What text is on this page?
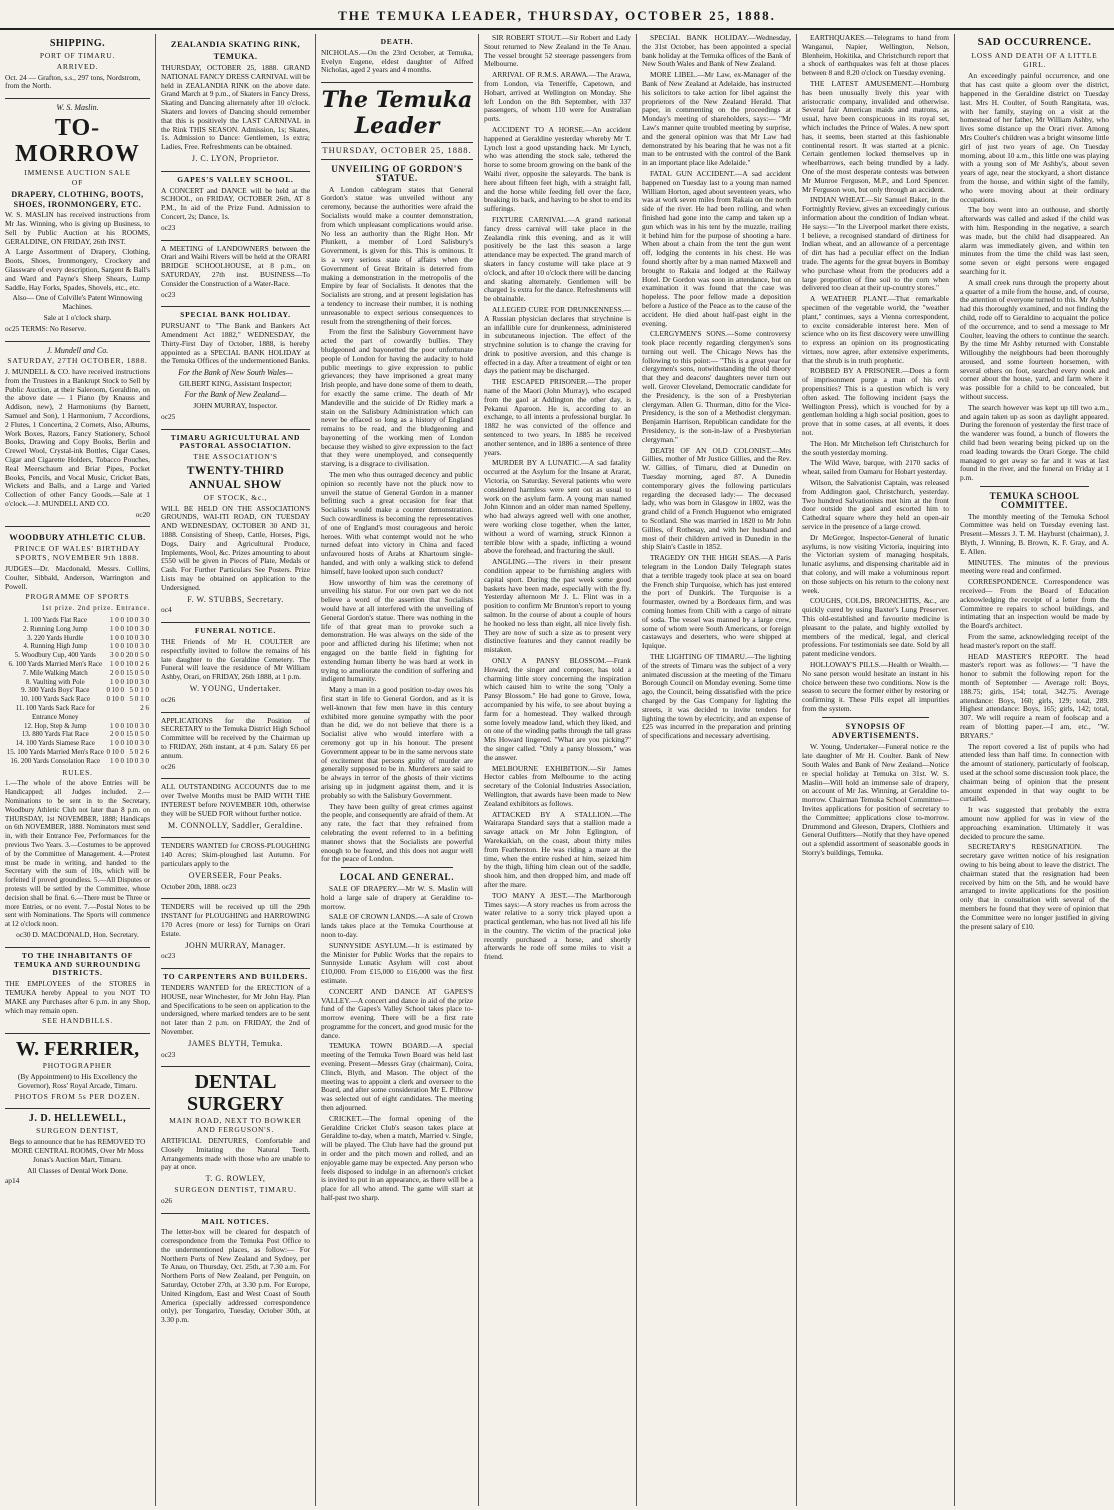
THE TEMUKA LEADER, THURSDAY, OCTOBER 25, 1888.

SHIPPING.

PORT OF TIMARU.

ARRIVED.

Oct. 24 — Grafton, s.s., 297 tons, Nordstrom, from the North.

W. S. Maslin.

TO-MORROW

IMMENSE AUCTION SALE

OF

DRAPERY, CLOTHING, BOOTS, SHOES, IRONMONGERY, ETC.

W. S. MASLIN has received instructions from Mr Jas. Winning, who is giving up Business, to Sell by Public Auction at his ROOMS, GERALDINE, ON FRIDAY, 26th INST.

A Large Assortment of Drapery, Clothing, Boots, Shoes, Ironmongery, Crockery and Glassware of every description, Sargent & Ball's and Ward and Payne's Sheep Shears, Lump Saddle, Hay Forks, Spades, Shovels, etc., etc.

Also— One of Colville's Patent Winnowing Machines.

Sale at 1 o'clock sharp.

oc25 TERMS: No Reserve.

J. Mundell and Co.

SATURDAY, 27TH OCTOBER, 1888.

J. MUNDELL & CO. have received instructions from the Trustees in a Bankrupt Stock to Sell by Public Auction, at their Saleroom, Geraldine, on the above date — 1 Piano (by Knauss and Addison, new), 2 Harmoniums (by Barnett, Samuel and Son), 1 Harmonium, 7 Accordions, 2 Flutes, 1 Concertina, 2 Cornets, Also, Albums, Work Boxes, Razors, Fancy Stationery, School Books, Drawing and Copy Books, Berlin and Crewel Wool, Crystal-ink Bottles, Cigar Cases, Cigar and Cigarette Holders, Tobacco Pouches, Real Meerschaum and Briar Pipes, Pocket Books, Pencils, and Vocal Music, Cricket Bats, Wickets and Balls, and a Large and Varied Collection of other Fancy Goods.—Sale at 1 o'clock.—J. MUNDELL AND CO.

oc20

WOODBURY ATHLETIC CLUB.

PRINCE OF WALES' BIRTHDAY SPORTS, NOVEMBER 9th 1888.

JUDGES—Dr. Macdonald, Messrs. Collins, Coulter, Sibbald, Anderson, Warrington and Powell.

PROGRAMME OF SPORTS

1st prize. 2nd prize. Entrance.

1. 100 Yards Flat Race	1 0 0	10 0	3 0
2. Running Long Jump	1 0 0	10 0	3 0
3. 220 Yards Hurdle	1 0 0	10 0	3 0
4. Running High Jump	1 0 0	10 0	3 0
5. Woodbury Cup, 400 Yards	3 0 0	20 0	5 0
6. 100 Yards Married Men's Race	1 0 0	10 0	2 6
7. Mile Walking Match	2 0 0	15 0	5 0
8. Vaulting with Pole	1 0 0	10 0	3 0
9. 300 Yards Boys' Race	0 10 0	5 0	1 0
10. 100 Yards Sack Race	0 10 0	5 0	1 0
11. 100 Yards Sack Race for Entrance Money			2 6
12. Hop, Step & Jump	1 0 0	10 0	3 0
13. 880 Yards Flat Race	2 0 0	15 0	5 0
14. 100 Yards Siamese Race	1 0 0	10 0	3 0
15. 100 Yards Married Men's Race	0 10 0	5 0	2 6
16. 200 Yards Consolation Race	1 0 0	10 0	3 0

RULES.

1.—The whole of the above Entries will be Handicapped; all Judges included. 2.—Nominations to be sent in to the Secretary, Woodbury Athletic Club not later than 8 p.m. on THURSDAY, 1st NOVEMBER, 1888; Handicaps on 6th NOVEMBER, 1888. Nominators must send in, with their Entrance Fee, Performances for the previous Two Years. 3.—Costumes to be approved of by the Committee of Management. 4.—Protest must be made in writing, and handed to the Secretary with the sum of 10s, which will be forfeited if proved groundless. 5.—All Disputes or protests will be settled by the Committee, whose decision shall be final. 6.—There must be Three or more Entries, or no event. 7.—Postal Notes to be sent with Nominations. The Sports will commence at 12 o'clock noon.

oc30 D. MACDONALD, Hon. Secretary.

TO THE INHABITANTS OF TEMUKA AND SURROUNDING DISTRICTS.

THE EMPLOYEES of the STORES in TEMUKA hereby Appeal to you NOT TO MAKE any Purchases after 6 p.m. in any Shop, which may remain open.

SEE HANDBILLS.

W. FERRIER,

PHOTOGRAPHER

(By Appointment) to His Excellency the Governor), Ross' Royal Arcade, Timaru.

PHOTOS FROM 5s PER DOZEN.

J. D. HELLEWELL,

SURGEON DENTIST,

Begs to announce that he has REMOVED TO MORE CENTRAL ROOMS, Over Mr Moss Jonas's Auction Mart, Timaru.

All Classes of Dental Work Done.

ap14

ZEALANDIA SKATING RINK, TEMUKA.

THURSDAY, OCTOBER 25, 1888. GRAND NATIONAL FANCY DRESS CARNIVAL will be held in ZEALANDIA RINK on the above date. Grand March at 9 p.m., of Skaters in Fancy Dress, Skating and Dancing alternately after 10 o'clock. Skaters and lovers of Dancing should remember that this is positively the LAST CARNIVAL in the Rink THIS SEASON. Admission, 1s; Skates, 1s. Admission to Dance: Gentlemen, 1s extra; Ladies, Free. Refreshments can be obtained.

J. C. LYON, Proprietor.

GAPES'S VALLEY SCHOOL.

A CONCERT and DANCE will be held at the SCHOOL, on FRIDAY, OCTOBER 26th, AT 8 P.M., In aid of the Prize Fund. Admission to Concert, 2s; Dance, 1s.

oc23

A MEETING of LANDOWNERS between the Orari and Waihi Rivers will be held at the ORARI BRIDGE SCHOOLHOUSE, at 8 p.m., on SATURDAY, 27th inst. BUSINESS—To Consider the Construction of a Water-Race.

oc23

SPECIAL BANK HOLIDAY.

PURSUANT to "The Bank and Bankers Act Amendment Act 1882," WEDNESDAY, the Thirty-First Day of October, 1888, is hereby appointed as a SPECIAL BANK HOLIDAY at the Temuka Offices of the undermentioned Banks.

For the Bank of New South Wales—

GILBERT KING, Assistant Inspector;

For the Bank of New Zealand—

JOHN MURRAY, Inspector.

oc25

TIMARU AGRICULTURAL AND PASTORAL ASSOCIATION.

THE ASSOCIATION'S

TWENTY-THIRD ANNUAL SHOW

OF STOCK, &c.,

WILL BE HELD ON THE ASSOCIATION'S GROUNDS, WAI-ITI ROAD, ON TUESDAY AND WEDNESDAY, OCTOBER 30 AND 31, 1888. Consisting of Sheep, Cattle, Horses, Pigs, Dogs, Dairy and Agricultural Produce, Implements, Wool, &c. Prizes amounting to about £550 will be given in Pieces of Plate, Medals or Cash. For Further Particulars See Posters. Prize Lists may be obtained on application to the Undersigned.

F. W. STUBBS, Secretary.

oc4

FUNERAL NOTICE.

THE Friends of Mr H. COULTER are respectfully invited to follow the remains of his late daughter to the Geraldine Cemetery. The Funeral will leave the residence of Mr William Ashby, Orari, on FRIDAY, 26th 1888, at 1 p.m.

W. YOUNG, Undertaker.

oc26

APPLICATIONS for the Position of SECRETARY to the Temuka District High School Committee will be received by the Chairman up to FRIDAY, 26th instant, at 4 p.m. Salary £6 per annum.

oc26

ALL OUTSTANDING ACCOUNTS due to me over Twelve Months must be PAID WITH THE INTEREST before NOVEMBER 10th, otherwise they will be SUED FOR without further notice.

M. CONNOLLY, Saddler, Geraldine.

TENDERS WANTED for CROSS-PLOUGHING 140 Acres; Skim-ploughed last Autumn. For particulars apply to the

OVERSEER, Four Peaks.

October 20th, 1888. oc23

TENDERS will be received up till the 29th INSTANT for PLOUGHING and HARROWING 170 Acres (more or less) for Turnips on Orari Estate.

JOHN MURRAY, Manager.

oc23

TO CARPENTERS AND BUILDERS.

TENDERS WANTED for the ERECTION of a HOUSE, near Winchester, for Mr John Hay. Plan and Specifications to be seen on application to the undersigned, where marked tenders are to be sent not later than 2 p.m. on FRIDAY, the 2nd of November.

JAMES BLYTH, Temuka.

oc23

DENTAL SURGERY

MAIN ROAD, NEXT TO BOWKER AND FERGUSON'S.

ARTIFICIAL DENTURES, Comfortable and Closely Imitating the Natural Teeth. Arrangements made with those who are unable to pay at once.

T. G. ROWLEY,

SURGEON DENTIST, TIMARU.

o26

MAIL NOTICES.

The letter-box will be cleared for despatch of correspondence from the Temuka Post Office to the undermentioned places, as follow:— For Northern Ports of New Zealand and Sydney, per Te Anau, on Thursday, Oct. 25th, at 7.30 a.m. For Northern Ports of New Zealand, per Penguin, on Saturday, October 27th, at 3.30 p.m. For Europe, United Kingdom, East and West Coast of South America (specially addressed correspondence only), per Tongariro, Tuesday, October 30th, at 3.30 p.m.

DEATH.

NICHOLAS.—On the 23rd October, at Temuka, Evelyn Eugene, eldest daughter of Alfred Nicholas, aged 2 years and 4 months.

The Temuka Leader
THURSDAY, OCTOBER 25, 1888.
UNVEILING OF GORDON'S STATUE.

A London cablegram states that General Gordon's statue was unveiled without any ceremony, because the authorities were afraid the Socialists would make a counter demonstration, from which unpleasant complications would arise. No less an authority than the Right Hon. Mr Plunkett, a member of Lord Salisbury's Government, is given for this. This is ominous. It is a very serious state of affairs when the Government of Great Britain is deterred from making a demonstration in the metropolis of the Empire by fear of Socialists. It denotes that the Socialists are strong, and at present legislation has a tendency to increase their number, it is nothing unreasonable to expect serious consequences to result from the strengthening of their forces.

From the first the Salisbury Government have acted the part of cowardly bullies. They bludgeoned and bayonetted the poor unfortunate people of London for having the audacity to hold public meetings to give expression to public grievances; they have imprisoned a great many Irish people, and have done some of them to death, for exactly the same crime. The death of Mr Mandeville and the suicide of Dr Ridley mark a stain on the Salisbury Administration which can never be effaced so long as a history of England remains to be read, and the bludgeoning and bayonetting of the working men of London because they wished to give expression to the fact that they were unemployed, and consequently starving, is a disgrace to civilisation.

The men who thus outraged decency and public opinion so recently have not the pluck now to unveil the statue of General Gordon in a manner befitting such a great occasion for fear that Socialists would make a counter demonstration. Such cowardliness is becoming the representatives of one of England's most courageous and heroic heroes. With what contempt would not he who turned defeat into victory in China and faced unfavoured hosts of Arabs at Khartoum single-handed, and with only a walking stick to defend himself, have looked upon such conduct?

How unworthy of him was the ceremony of unveiling his statue. For our own part we do not believe a word of the assertion that Socialists would have at all interfered with the unveiling of General Gordon's statue. There was nothing in the life of that great man to provoke such a demonstration. He was always on the side of the poor and afflicted during his lifetime; when not engaged on the battle field in fighting for extending human liberty he was hard at work in trying to ameliorate the condition of suffering and indigent humanity.

Many a man in a good position to-day owes his first start in life to General Gordon, and as it is well-known that few men have in this century exhibited more genuine sympathy with the poor than he did, we do not believe that there is a Socialist alive who would interfere with a ceremony got up in his honour. The present Government appear to be in the same nervous state of excitement that persons guilty of murder are generally supposed to be in. Murderers are said to be always in terror of the ghosts of their victims arising up in judgment against them, and it is probably so with the Salisbury Government.

They have been guilty of great crimes against the people, and consequently are afraid of them. At any rate, the fact that they refrained from celebrating the event referred to in a befitting manner shows that the Socialists are powerful enough to be feared, and this does not augur well for the peace of London.

LOCAL AND GENERAL.

SALE OF DRAPERY.—Mr W. S. Maslin will hold a large sale of drapery at Geraldine to-morrow.

SALE OF CROWN LANDS.—A sale of Crown lands takes place at the Temuka Courthouse at noon to-day.

SUNNYSIDE ASYLUM.—It is estimated by the Minister for Public Works that the repairs to Sunnyside Lunatic Asylum will cost about £10,000. From £15,000 to £16,000 was the first estimate.

CONCERT AND DANCE AT GAPES'S VALLEY.—A concert and dance in aid of the prize fund of the Gapes's Valley School takes place to-morrow evening. There will be a first rate programme for the concert, and good music for the dance.

TEMUKA TOWN BOARD.—A special meeting of the Temuka Town Board was held last evening. Present—Messrs Gray (chairman), Coira, Clinch, Blyth, and Mason. The object of the meeting was to appoint a clerk and overseer to the Board, and after some consideration Mr E. Pilbrow was selected out of eight candidates. The meeting then adjourned.

CRICKET.—The formal opening of the Geraldine Cricket Club's season takes place at Geraldine to-day, when a match, Married v. Single, will be played. The Club have had the ground put in order and the pitch mown and rolled, and an enjoyable game may be expected. Any person who feels disposed to indulge in an afternoon's cricket is invited to put in an appearance, as there will be a place for all who attend. The game will start at half-past two sharp.

SIR ROBERT STOUT.—Sir Robert and Lady Stout returned to New Zealand in the Te Anau. The vessel brought 52 steerage passengers from Melbourne.

ARRIVAL OF R.M.S. ARAWA.—The Arawa, from London, via Teneriffe, Capetown, and Hobart, arrived at Wellington on Monday. She left London on the 8th September, with 337 passengers, of whom 110 were for Australian ports.

ACCIDENT TO A HORSE.—An accident happened at Geraldine yesterday whereby Mr T. Lynch lost a good upstanding hack. Mr Lynch, who was attending the stock sale, tethered the horse to some broom growing on the bank of the Waihi river, opposite the saleyards. The bank is here about fifteen feet high, with a straight fall, and the horse while feeding fell over the face, breaking its back, and having to be shot to end its sufferings.

FIXTURE CARNIVAL.—A grand national fancy dress carnival will take place in the Zealandia rink this evening, and as it will positively be the last this season a large attendance may be expected. The grand march of skaters in fancy costume will take place at 9 o'clock, and after 10 o'clock there will be dancing and skating alternately. Gentlemen will be charged 1s extra for the dance. Refreshments will be obtainable.

ALLEGED CURE FOR DRUNKENNESS.—A Russian physician declares that strychnine is an infallible cure for drunkenness, administered in subcutaneous injection. The effect of the strychnine solution is to change the craving for drink to positive aversion, and this change is effected in a day. After a treatment of eight or ten days the patient may be discharged.

THE ESCAPED PRISONER.—The proper name of the Maori (John Murray), who escaped from the gaol at Addington the other day, is Pekanui Aparoon. He is, according to an exchange, to all intents a professional burglar. In 1882 he was convicted of the offence and sentenced to two years. In 1885 he received another sentence, and in 1886 a sentence of three years.

MURDER BY A LUNATIC.—A sad fatality occurred at the Asylum for the Insane at Ararat, Victoria, on Saturday. Several patients who were considered harmless were sent out as usual to work on the asylum farm. A young man named John Kinnon and an older man named Spelleny, who had always agreed well with one another, were working close together, when the latter, without a word of warning, struck Kinnon a terrible blow with a spade, inflicting a wound above the forehead, and fracturing the skull.

ANGLING.—The rivers in their present condition appear to be furnishing anglers with capital sport. During the past week some good baskets have been made, especially with the fly. Yesterday afternoon Mr J. L. Flint was in a position to confirm Mr Brunton's report to young salmon. In the course of about a couple of hours he hooked no less than eight, all nice lively fish. They are now of such a size as to present very distinctive features and they cannot readily be mistaken.

ONLY A PANSY BLOSSOM.—Frank Howard, the singer and composer, has told a charming little story concerning the inspiration which caused him to write the song "Only a Pansy Blossom." He had gone to Grove, Iowa, accompanied by his wife, to see about buying a farm for a homestead. They walked through some lovely meadow land, which they liked, and on one of the winding paths through the tall grass Mrs Howard lingered. "What are you picking?" the singer called. "Only a pansy blossom," was the answer.

MELBOURNE EXHIBITION.—Sir James Hector cables from Melbourne to the acting secretary of the Colonial Industries Association, Wellington, that awards have been made to New Zealand exhibitors as follows.

ATTACKED BY A STALLION.—The Wairarapa Standard says that a stallion made a savage attack on Mr John Eglington, of Warekaikiah, on the coast, about thirty miles from Featherston. He was riding a mare at the time, when the entire rushed at him, seized him by the thigh, lifting him clean out of the saddle, shook him, and then dropped him, and made off after the mare.

TOO MANY A JEST.—The Marlborough Times says:—A story reaches us from across the water relative to a sorry trick played upon a practical gentleman, who has not lived all his life in the country. The victim of the practical joke recently purchased a horse, and shortly afterwards he rode off some miles to visit a friend.

SPECIAL BANK HOLIDAY.—Wednesday, the 31st October, has been appointed a special bank holiday at the Temuka offices of the Bank of New South Wales and Bank of New Zealand.

MORE LIBEL.—Mr Law, ex-Manager of the Bank of New Zealand at Adelaide, has instructed his solicitors to take action for libel against the proprietors of the New Zealand Herald. That paper, in commenting on the proceedings at Monday's meeting of shareholders, says:— "Mr Law's manner quite troubled meeting by surprise, and the general opinion was that Mr Law had demonstrated by his bearing that he was not a fit man to be entrusted with the control of the Bank in an important place like Adelaide."

FATAL GUN ACCIDENT.—A sad accident happened on Tuesday last to a young man named William Horton, aged about seventeen years, who was at work seven miles from Rakaia on the north side of the river. He had been rolling, and when finished had gone into the camp and taken up a gun which was in his tent by the muzzle, trailing it behind him for the purpose of shooting a hare. When about a chain from the tent the gun went off, lodging the contents in his chest. He was found shortly after by a man named Maxwell and brought to Rakaia and lodged at the Railway Hotel. Dr Gordon was soon in attendance, but on examination it was found that the case was hopeless. The poor fellow made a deposition before a Justice of the Peace as to the cause of the accident. He died about half-past eight in the evening.

CLERGYMEN'S SONS.—Some controversy took place recently regarding clergymen's sons turning out well. The Chicago News has the following to this point:— "This is a great year for clergymen's sons, notwithstanding the old theory that they and deacons' daughters never turn out well. Grover Cleveland, Democratic candidate for the Presidency, is the son of a Presbyterian clergyman. Allen G. Thurman, ditto for the Vice-Presidency, is the son of a Methodist clergyman. Benjamin Harrison, Republican candidate for the Presidency, is the son-in-law of a Presbyterian clergyman."

DEATH OF AN OLD COLONIST.—Mrs Gillies, mother of Mr Justice Gillies, and the Rev. W. Gillies, of Timaru, died at Dunedin on Tuesday morning, aged 87. A Dunedin contemporary gives the following particulars regarding the deceased lady:— The deceased lady, who was born in Glasgow in 1802, was the grand child of a French Huguenot who emigrated to Scotland. She was married in 1820 to Mr John Gillies, of Rothesay, and with her husband and most of their children arrived in Dunedin in the ship Slain's Castle in 1852.

TRAGEDY ON THE HIGH SEAS.—A Paris telegram in the London Daily Telegraph states that a terrible tragedy took place at sea on board the French ship Turquoise, which has just entered the port of Dunkirk. The Turquoise is a fourmaster, owned by a Bordeaux firm, and was coming homes from Chili with a cargo of nitrate of soda. The vessel was manned by a large crew, some of whom were South Americans, or foreign castaways and deserters, who were shipped at Iquique.

THE LIGHTING OF TIMARU.—The lighting of the streets of Timaru was the subject of a very animated discussion at the meeting of the Timaru Borough Council on Monday evening. Some time ago, the Council, being dissatisfied with the price charged by the Gas Company for lighting the streets, it was decided to invite tenders for lighting the town by electricity, and an expense of £25 was incurred in the preparation and printing of specifications and necessary advertising.

EARTHQUAKES.—Telegrams to hand from Wanganui, Napier, Wellington, Nelson, Blenheim, Hokitika, and Christchurch report that a shock of earthquakes was felt at those places between 8 and 8.20 o'clock on Tuesday evening.

THE LATEST AMUSEMENT.—Hornburg has been unusually lively this year with aristocratic company, invalided and otherwise. Several fair American maids and matrons, as usual, have been conspicuous in its royal set, which includes the Prince of Wales. A new sport has, it seems, been started at this fashionable continental resort. It was started at a picnic. Certain gentlemen locked themselves up in wheelbarrows, each being trundled by a lady. One of the most desperate contests was between Mr Munroe Ferguson, M.P., and Lord Spencer. Mr Ferguson won, but only through an accident.

INDIAN WHEAT.—Sir Samuel Baker, in the Fortnightly Review, gives an exceedingly curious information about the condition of Indian wheat. He says:—"In the Liverpool market there exists, I believe, a recognised standard of dirtiness for Indian wheat, and an allowance of a percentage of dirt has had a peculiar effect on the Indian trade. The agents for the great buyers in Bombay who purchase wheat from the producers add a large proportion of fine soil to the corn when delivered too clean at their up-country stores."

A WEATHER PLANT.—That remarkable specimen of the vegetable world, the "weather plant," continues, says a Vienna correspondent, to excite considerable interest here. Men of science who on its first discovery were unwilling to express an opinion on its prognosticating virtues, now agree, after extensive experiments, that the shrub is in truth prophetic.

ROBBED BY A PRISONER.—Does a form of imprisonment purge a man of his evil propensities? This is a question which is very often asked. The following incident (says the Wellington Press), which is vouched for by a gentleman holding a high social position, goes to prove that in some cases, at all events, it does not.

The Hon. Mr Mitchelson left Christchurch for the south yesterday morning.

The Wild Wave, barque, with 2170 sacks of wheat, sailed from Oamaru for Hobart yesterday.

Wilson, the Salvationist Captain, was released from Addington gaol, Christchurch, yesterday. Two hundred Salvationists met him at the front door outside the gaol and escorted him to Cathedral square where they held an open-air service in the presence of a large crowd.

Dr McGregor, Inspector-General of lunatic asylums, is now visiting Victoria, inquiring into the Victorian system of managing hospitals, lunatic asylums, and dispensing charitable aid in that colony, and will make a voluminous report on those subjects on his return to the colony next week.

COUGHS, COLDS, BRONCHITIS, &c., are quickly cured by using Baxter's Lung Preserver. This old-established and favourite medicine is pleasant to the palate, and highly extolled by members of the medical, legal, and clerical professions. For testimonials see date. Sold by all patent medicine vendors.

HOLLOWAY'S PILLS.—Health or Wealth.—No sane person would hesitate an instant in his choice between these two conditions. Now is the season to secure the former either by restoring or confirming it. These Pills expel all impurities from the system.

SYNOPSIS OF ADVERTISEMENTS.

W. Young, Undertaker—Funeral notice re the late daughter of Mr H. Coulter. Bank of New South Wales and Bank of New Zealand—Notice re special holiday at Temuka on 31st. W. S. Maslin—Will hold an immense sale of drapery, on account of Mr Jas. Winning, at Geraldine to-morrow. Chairman Temuka School Committee—Invites applications for position of secretary to the Committee; applications close to-morrow. Drummond and Gleeson, Drapers, Clothiers and General Outfitters—Notify that they have opened out a splendid assortment of seasonable goods in Storry's buildings, Temuka.

SAD OCCURRENCE.
LOSS AND DEATH OF A LITTLE GIRL.

An exceedingly painful occurrence, and one that has cast quite a gloom over the district, happened in the Geraldine district on Tuesday last. Mrs H. Coulter, of South Rangitata, was, with her family, staying on a visit at the homestead of her father, Mr William Ashby, who lives some distance up the Orari river. Among Mrs Coulter's children was a bright winsome little girl of just two years of age. On Tuesday morning, about 10 a.m., this little one was playing with a young son of Mr Ashby's, about seven years of age, near the stockyard, a short distance from the house, and within sight of the family, who were moving about at their ordinary occupations.

The boy went into an outhouse, and shortly afterwards was called and asked if the child was with him. Responding in the negative, a search was made, but the child had disappeared. An alarm was immediately given, and within ten minutes from the time the child was last seen, some seven or eight persons were engaged searching for it.

A small creek runs through the property about a quarter of a mile from the house, and, of course, the attention of everyone turned to this. Mr Ashby had this thoroughly examined, and not finding the child, rode off to Geraldine to acquaint the police of the occurrence, and to send a message to Mr Coulter, leaving the others to continue the search. By the time Mr Ashby returned with Constable Willoughby the neighbours had been thoroughly aroused, and some fourteen horsemen, with several others on foot, searched every nook and corner about the house, yard, and farm where it was possible for a child to be concealed, but without success.

The search however was kept up till two a.m., and again taken up as soon as daylight appeared. During the forenoon of yesterday the first trace of the wanderer was found, a bunch of flowers the child had been wearing being picked up on the road leading towards the Orari Gorge. The child managed to get away so far and it was at last found in the river, and the funeral on Friday at 1 p.m.

TEMUKA SCHOOL COMMITTEE.

The monthly meeting of the Temuka School Committee was held on Tuesday evening last. Present—Messrs J. T. M. Hayhurst (chairman), J. Blyth, J. Winning, B. Brown, K. F. Gray, and A. E. Allen.

MINUTES. The minutes of the previous meeting were read and confirmed.

CORRESPONDENCE. Correspondence was received— From the Board of Education acknowledging the receipt of a letter from the Committee re repairs to school buildings, and intimating that an inspection would be made by the Board's architect.

From the same, acknowledging receipt of the head master's report on the staff.

HEAD MASTER'S REPORT. The head master's report was as follows:— "I have the honor to submit the following report for the month of September — Average roll: Boys, 188.75; girls, 154; total, 342.75. Average attendance: Boys, 160; girls, 129; total, 289. Highest attendance: Boys, 165; girls, 142; total, 307. We will require a ream of foolscap and a ream of blotting paper.—I am, etc., "W. BRYARS."

The report covered a list of pupils who had attended less than half time. In connection with the amount of stationery, particularly of foolscap, used at the school some discussion took place, the chairman being of opinion that the present amount expended in that way ought to be curtailed.

It was suggested that probably the extra amount now applied for was in view of the approaching examination. Ultimately it was decided to procure the same.

SECRETARY'S RESIGNATION. The secretary gave written notice of his resignation owing to his being about to leave the district. The chairman stated that the resignation had been received by him on the 5th, and he would have arranged to invite applications for the position only that in consultation with several of the members he found that they were of opinion that the Committee were no longer justified in giving the present salary of £10.
